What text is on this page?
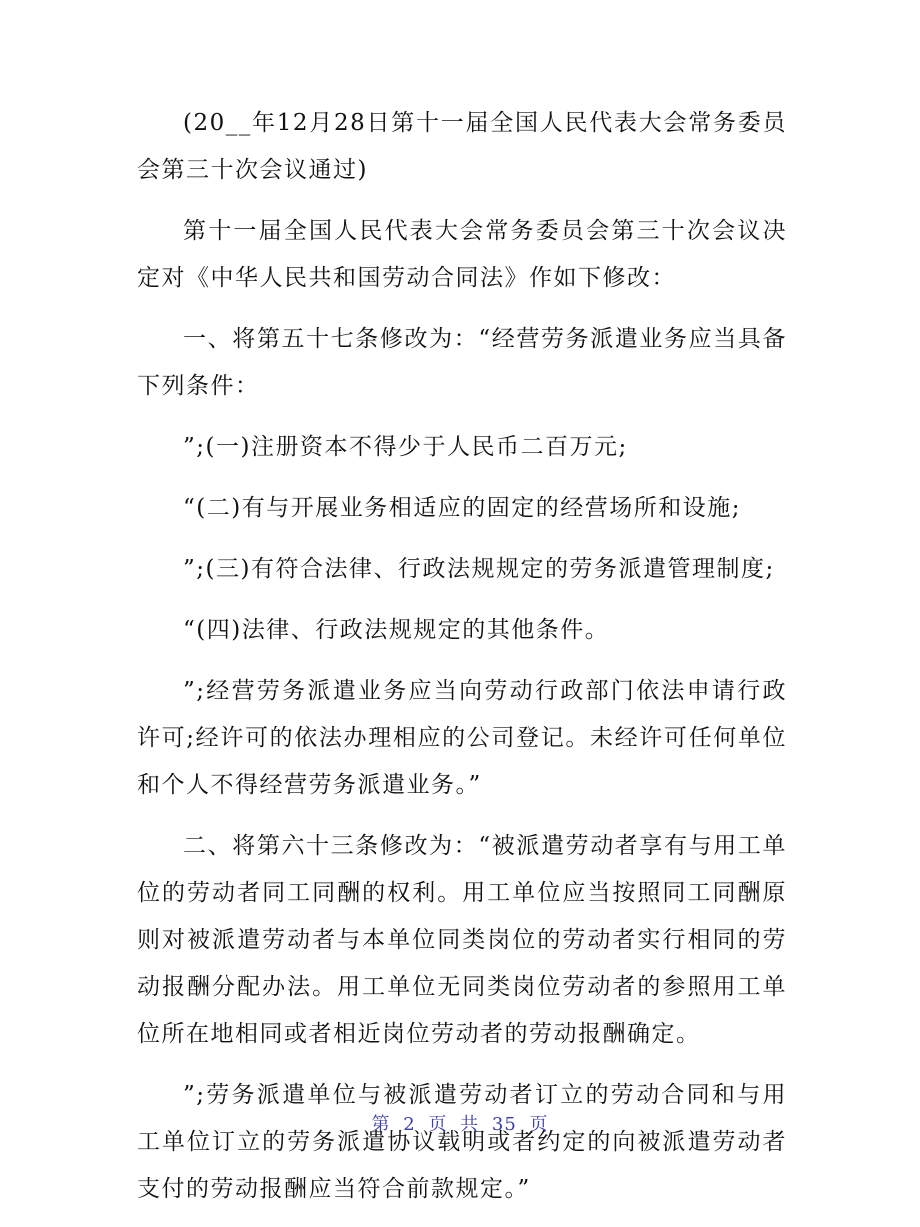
(20__年12月28日第十一届全国人民代表大会常务委员会第三十次会议通过)

第十一届全国人民代表大会常务委员会第三十次会议决定对《中华人民共和国劳动合同法》作如下修改：

一、将第五十七条修改为：“经营劳务派遣业务应当具备下列条件：

”;(一)注册资本不得少于人民币二百万元;

“(二)有与开展业务相适应的固定的经营场所和设施;

”;(三)有符合法律、行政法规规定的劳务派遣管理制度;

“(四)法律、行政法规规定的其他条件。

”;经营劳务派遣业务应当向劳动行政部门依法申请行政许可;经许可的依法办理相应的公司登记。未经许可任何单位和个人不得经营劳务派遣业务。”

二、将第六十三条修改为：“被派遣劳动者享有与用工单位的劳动者同工同酬的权利。用工单位应当按照同工同酬原则对被派遣劳动者与本单位同类岗位的劳动者实行相同的劳动报酬分配办法。用工单位无同类岗位劳动者的参照用工单位所在地相同或者相近岗位劳动者的劳动报酬确定。

”;劳务派遣单位与被派遣劳动者订立的劳动合同和与用工单位订立的劳务派遣协议载明或者约定的向被派遣劳动者支付的劳动报酬应当符合前款规定。”

第 2 页 共 35 页
